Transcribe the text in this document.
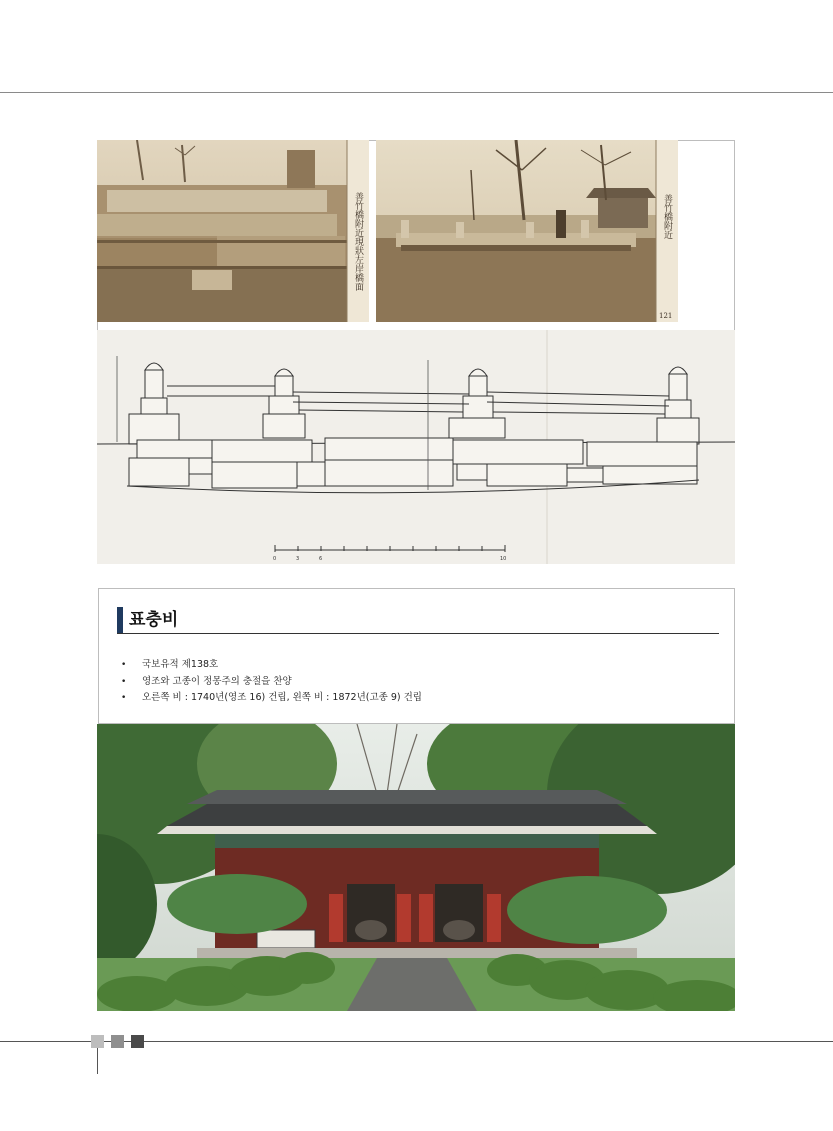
善竹橋附近現狀左岸橋面	善竹橋附近
121
0	3	6	10
표충비
• 국보유적 제138호
• 영조와 고종이 정몽주의 충절을 찬양
• 오른쪽 비 : 1740년(영조 16) 건립, 왼쪽 비 : 1872년(고종 9) 건립
